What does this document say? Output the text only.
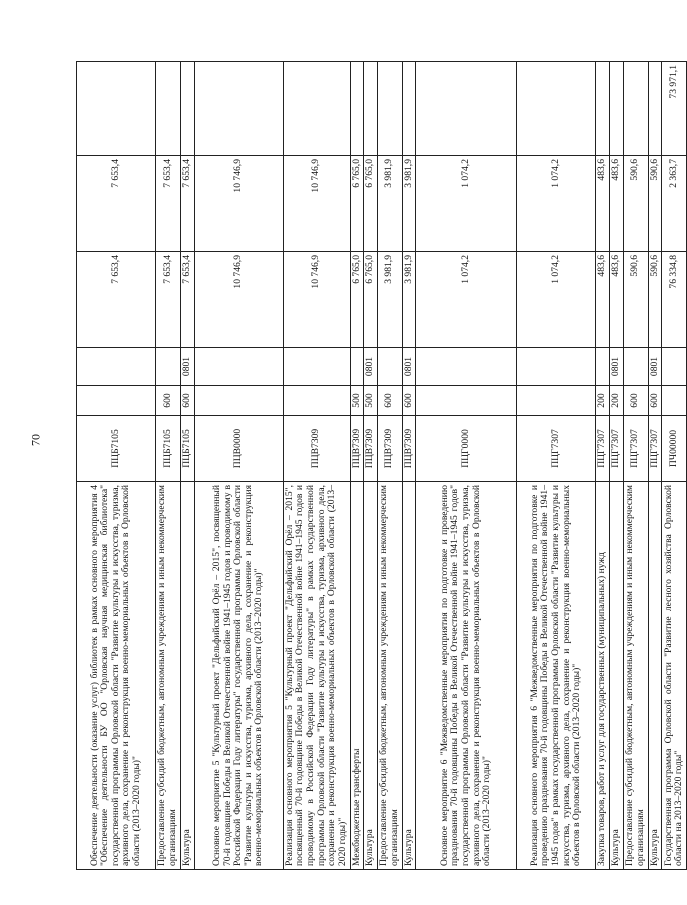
70
Обеспечение деятельности (оказание услуг) библиотек в рамках основного мероприятия 4 "Обеспечение деятельности БУ ОО "Орловская научная медицинская библиотека" государственной программы Орловской области "Развитие культуры и искусства, туризма, архивного дела, сохранение и реконструкция военно-мемориальных объектов в Орловской области (2013–2020 годы)"	ПЦБ7105			7 653,4	7 653,4	
Предоставление субсидий бюджетным, автономным учреждениям и иным некоммерческим организациям	ПЦБ7105	600		7 653,4	7 653,4	
Культура	ПЦБ7105	600	0801	7 653,4	7 653,4	
Основное мероприятие 5 "Культурный проект "Дельфийский Орёл – 2015", посвященный 70-й годовщине Победы в Великой Отечественной войне 1941–1945 годов и проводимому в Российской Федерации Году литературы" государственной программы Орловской области "Развитие культуры и искусства, туризма, архивного дела, сохранение и реконструкция военно-мемориальных объектов в Орловской области (2013–2020 годы)"	ПЦВ0000			10 746,9	10 746,9	
Реализация основного мероприятия 5 "Культурный проект "Дельфийский Орёл – 2015", посвященный 70-й годовщине Победы в Великой Отечественной войне 1941–1945 годов и проводимому в Российской Федерации Году литературы" в рамках государственной программы Орловской области "Развитие культуры и искусства, туризма, архивного дела, сохранение и реконструкция военно-мемориальных объектов в Орловской области (2013–2020 годы)"	ПЦВ7309			10 746,9	10 746,9	
Межбюджетные трансферты	ПЦВ7309	500		6 765,0	6 765,0	
Культура	ПЦВ7309	500	0801	6 765,0	6 765,0	
Предоставление субсидий бюджетным, автономным учреждениям и иным некоммерческим организациям	ПЦВ7309	600		3 981,9	3 981,9	
Культура	ПЦВ7309	600	0801	3 981,9	3 981,9	
Основное мероприятие 6 "Межведомственные мероприятия по подготовке и проведению празднования 70-й годовщины Победы в Великой Отечественной войне 1941–1945 годов" государственной программы Орловской области "Развитие культуры и искусства, туризма, архивного дела, сохранение и реконструкция военно-мемориальных объектов в Орловской области (2013–2020 годы)"	ПЦГ0000			1 074,2	1 074,2	
Реализация основного мероприятия 6 "Межведомственные мероприятия по подготовке и проведению празднования 70-й годовщины Победы в Великой Отечественной войне 1941–1945 годов" в рамках государственной программы Орловской области "Развитие культуры и искусства, туризма, архивного дела, сохранение и реконструкция военно-мемориальных объектов в Орловской области (2013–2020 годы)"	ПЦГ7307			1 074,2	1 074,2	
Закупка товаров, работ и услуг для государственных (муниципальных) нужд	ПЦГ7307	200		483,6	483,6	
Культура	ПЦГ7307	200	0801	483,6	483,6	
Предоставление субсидий бюджетным, автономным учреждениям и иным некоммерческим организациям	ПЦГ7307	600		590,6	590,6	
Культура	ПЦГ7307	600	0801	590,6	590,6	
Государственная программа Орловской области "Развитие лесного хозяйства Орловской области на 2013–2020 годы"	ПЧ00000			76 334,8	2 363,7	73 971,1
